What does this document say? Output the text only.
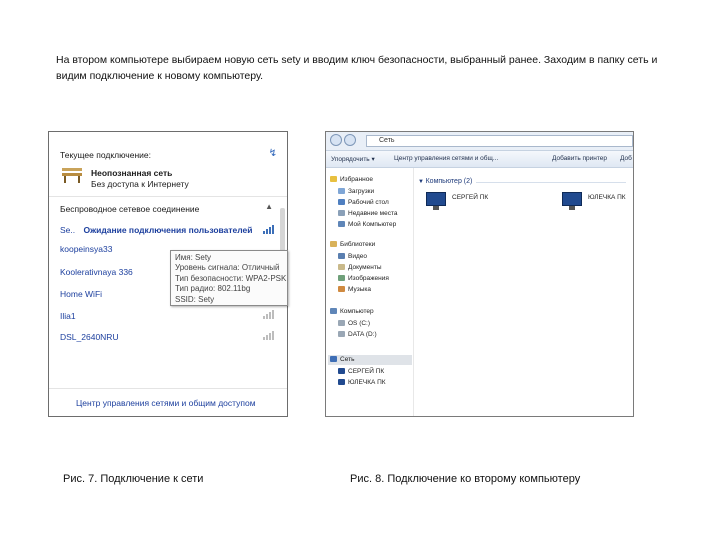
На втором компьютере выбираем новую сеть sety и вводим ключ безопасности, выбранный ранее. Заходим в папку сеть и видим подключение к новому компьютеру.
Текущее подключение:	↯
Неопознанная сеть
Без доступа к Интернету
Беспроводное сетевое соединение	▲
Se.. Ожидание подключения пользователей
koopeinsya33
Koolerativnaya 336
Home WiFi
Ilia1
DSL_2640NRU
Имя: Sety
Уровень сигнала: Отличный
Тип безопасности: WPA2-PSK
Тип радио: 802.11bg
SSID: Sety
Центр управления сетями и общим доступом
Рис. 7. Подключение к сети
Сеть
Упорядочить ▾	Центр управления сетями и общ...	Добавить принтер Доб
Избранное
Загрузки
Рабочий стол
Недавние места
Мой Компьютер
Библиотеки
Видео
Документы
Изображения
Музыка
Компьютер
OS (C:)
DATA (D:)
Сеть
СЕРГЕЙ ПК
ЮЛЕЧКА ПК
▼ Компьютер (2)
СЕРГЕЙ ПК	ЮЛЕЧКА ПК
Рис. 8. Подключение ко второму компьютеру
